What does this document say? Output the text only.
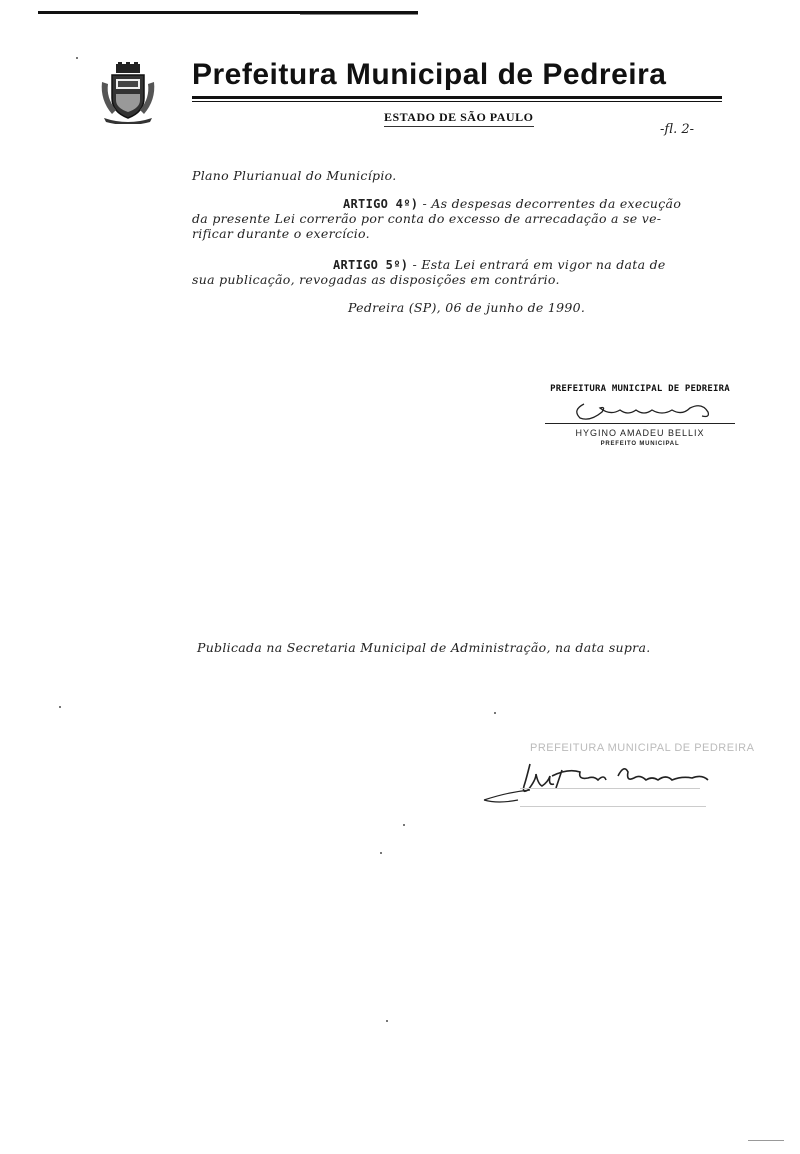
Prefeitura Municipal de Pedreira
ESTADO DE SÃO PAULO
-fl. 2-
Plano Plurianual do Município.
ARTIGO 4º) - As despesas decorrentes da execução
da presente Lei correrão por conta do excesso de arrecadação a se ve-
rificar durante o exercício.
ARTIGO 5º) - Esta Lei entrará em vigor na data de
sua publicação, revogadas as disposições em contrário.
Pedreira (SP), 06 de junho de 1990.
PREFEITURA MUNICIPAL DE PEDREIRA
HYGINO AMADEU BELLIX
PREFEITO MUNICIPAL
Publicada na Secretaria Municipal de Administração, na data supra.
PREFEITURA MUNICIPAL DE PEDREIRA
